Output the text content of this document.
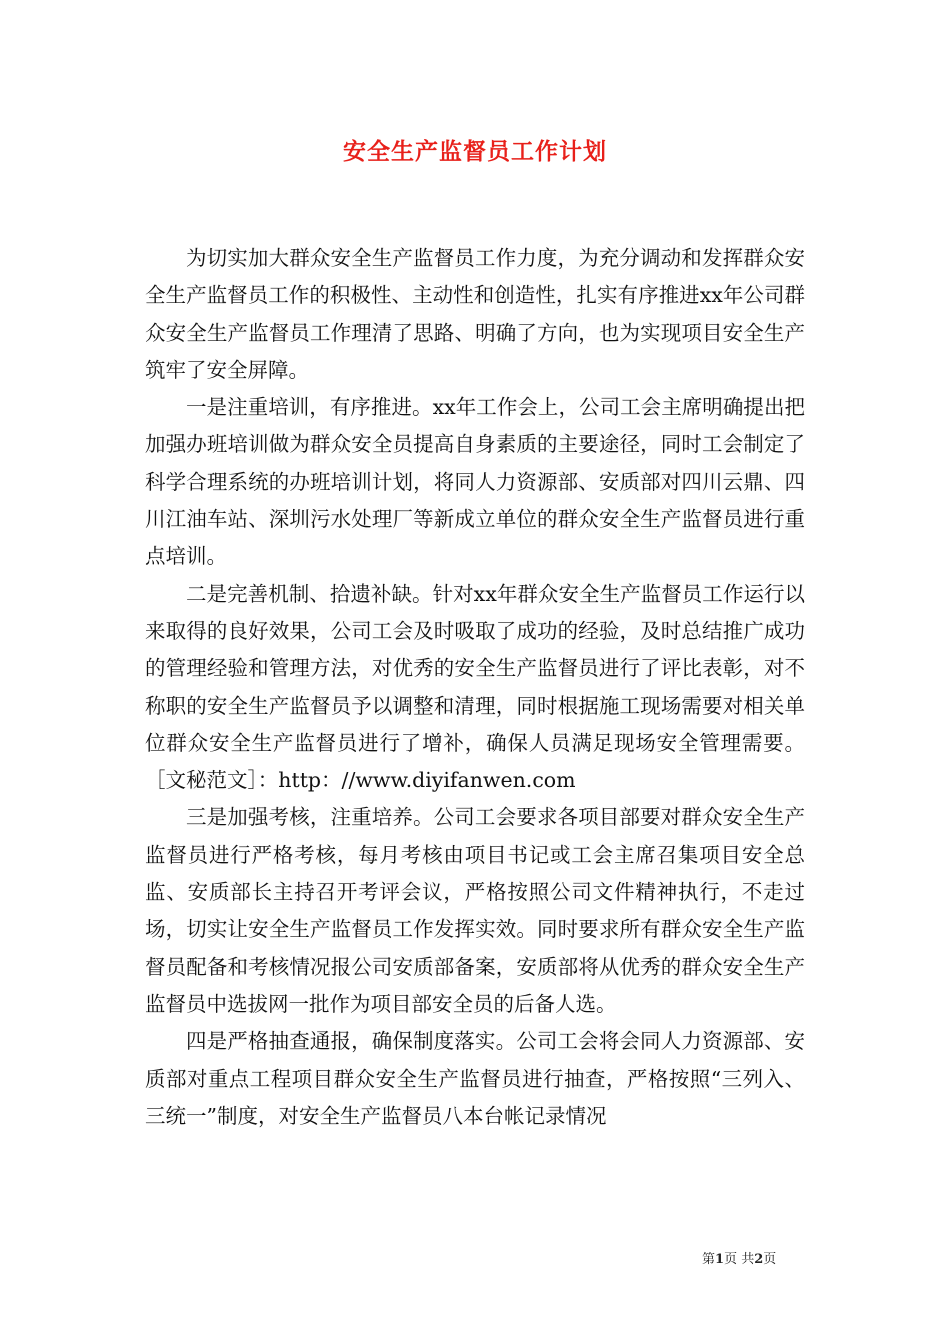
安全生产监督员工作计划

为切实加大群众安全生产监督员工作力度，为充分调动和发挥群众安全生产监督员工作的积极性、主动性和创造性，扎实有序推进xx年公司群众安全生产监督员工作理清了思路、明确了方向，也为实现项目安全生产筑牢了安全屏障。

一是注重培训，有序推进。xx年工作会上，公司工会主席明确提出把加强办班培训做为群众安全员提高自身素质的主要途径，同时工会制定了科学合理系统的办班培训计划，将同人力资源部、安质部对四川云鼎、四川江油车站、深圳污水处理厂等新成立单位的群众安全生产监督员进行重点培训。

二是完善机制、拾遗补缺。针对xx年群众安全生产监督员工作运行以来取得的良好效果，公司工会及时吸取了成功的经验，及时总结推广成功的管理经验和管理方法，对优秀的安全生产监督员进行了评比表彰，对不称职的安全生产监督员予以调整和清理，同时根据施工现场需要对相关单位群众安全生产监督员进行了增补，确保人员满足现场安全管理需要。［文秘范文］：http：//www.diyifanwen.com

三是加强考核，注重培养。公司工会要求各项目部要对群众安全生产监督员进行严格考核，每月考核由项目书记或工会主席召集项目安全总监、安质部长主持召开考评会议，严格按照公司文件精神执行，不走过场，切实让安全生产监督员工作发挥实效。同时要求所有群众安全生产监督员配备和考核情况报公司安质部备案，安质部将从优秀的群众安全生产监督员中选拔网一批作为项目部安全员的后备人选。

四是严格抽查通报，确保制度落实。公司工会将会同人力资源部、安质部对重点工程项目群众安全生产监督员进行抽查，严格按照“三列入、三统一”制度，对安全生产监督员八本台帐记录情况

第1页 共2页
